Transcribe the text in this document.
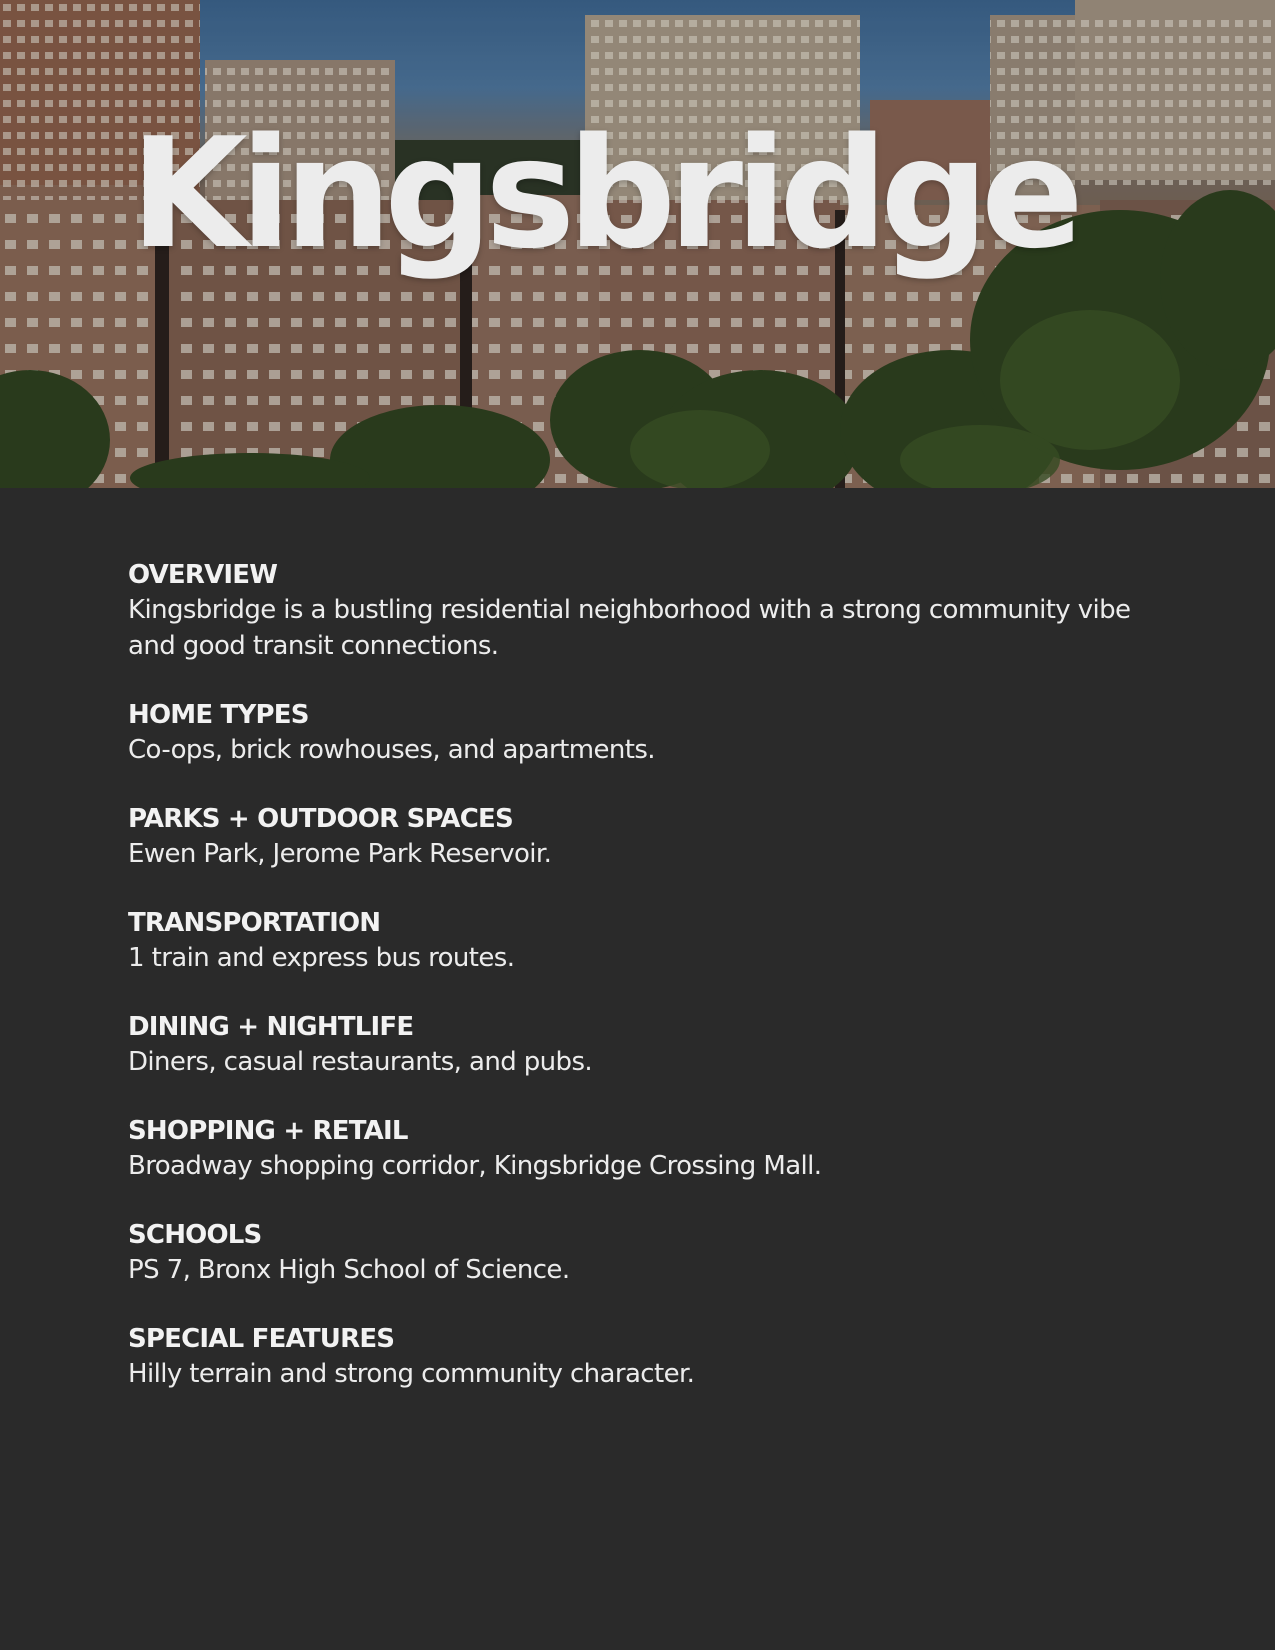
Kingsbridge
OVERVIEW
Kingsbridge is a bustling residential neighborhood with a strong community vibe and good transit connections.
HOME TYPES
Co-ops, brick rowhouses, and apartments.
PARKS + OUTDOOR SPACES
Ewen Park, Jerome Park Reservoir.
TRANSPORTATION
1 train and express bus routes.
DINING + NIGHTLIFE
Diners, casual restaurants, and pubs.
SHOPPING + RETAIL
Broadway shopping corridor, Kingsbridge Crossing Mall.
SCHOOLS
PS 7, Bronx High School of Science.
SPECIAL FEATURES
Hilly terrain and strong community character.
